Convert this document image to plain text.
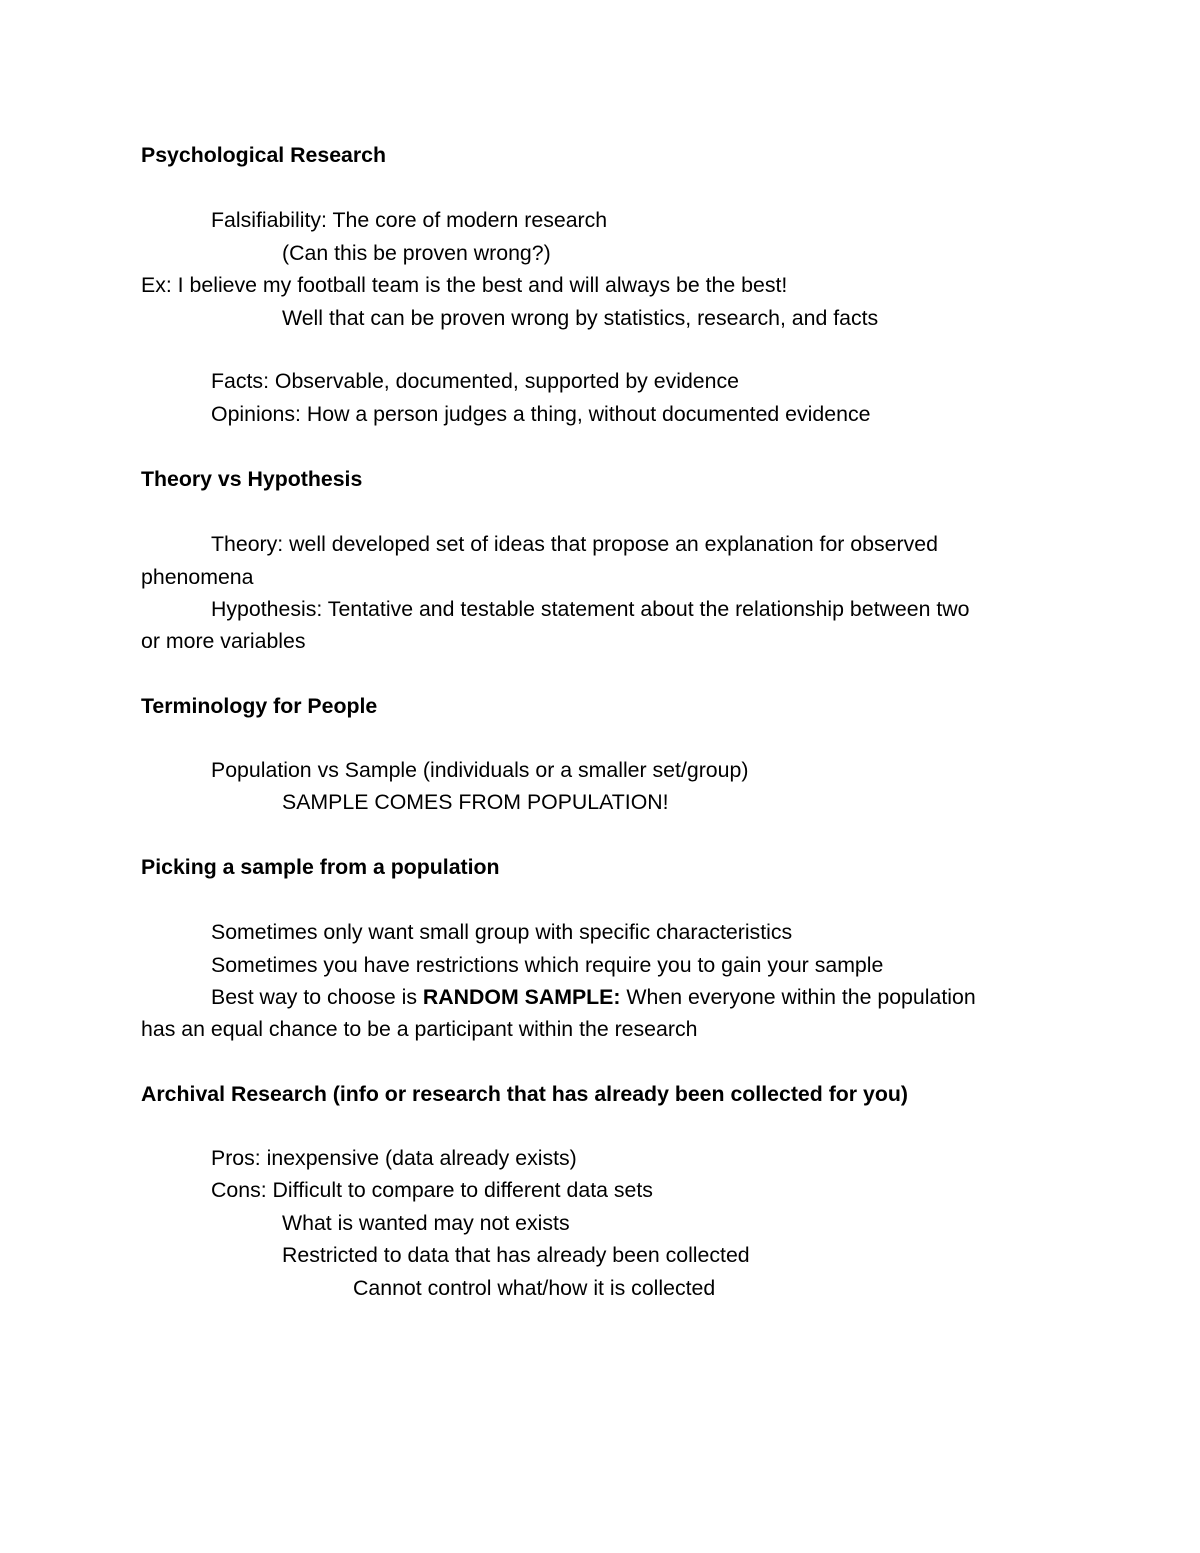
Psychological Research
Falsifiability: The core of modern research
(Can this be proven wrong?)
Ex: I believe my football team is the best and will always be the best!
Well that can be proven wrong by statistics, research, and facts
Facts: Observable, documented, supported by evidence
Opinions: How a person judges a thing, without documented evidence
Theory vs Hypothesis
Theory: well developed set of ideas that propose an explanation for observed
phenomena
Hypothesis: Tentative and testable statement about the relationship between two
or more variables
Terminology for People
Population vs Sample (individuals or a smaller set/group)
SAMPLE COMES FROM POPULATION!
Picking a sample from a population
Sometimes only want small group with specific characteristics
Sometimes you have restrictions which require you to gain your sample
Best way to choose is RANDOM SAMPLE: When everyone within the population
has an equal chance to be a participant within the research
Archival Research (info or research that has already been collected for you)
Pros: inexpensive (data already exists)
Cons: Difficult to compare to different data sets
What is wanted may not exists
Restricted to data that has already been collected
Cannot control what/how it is collected
